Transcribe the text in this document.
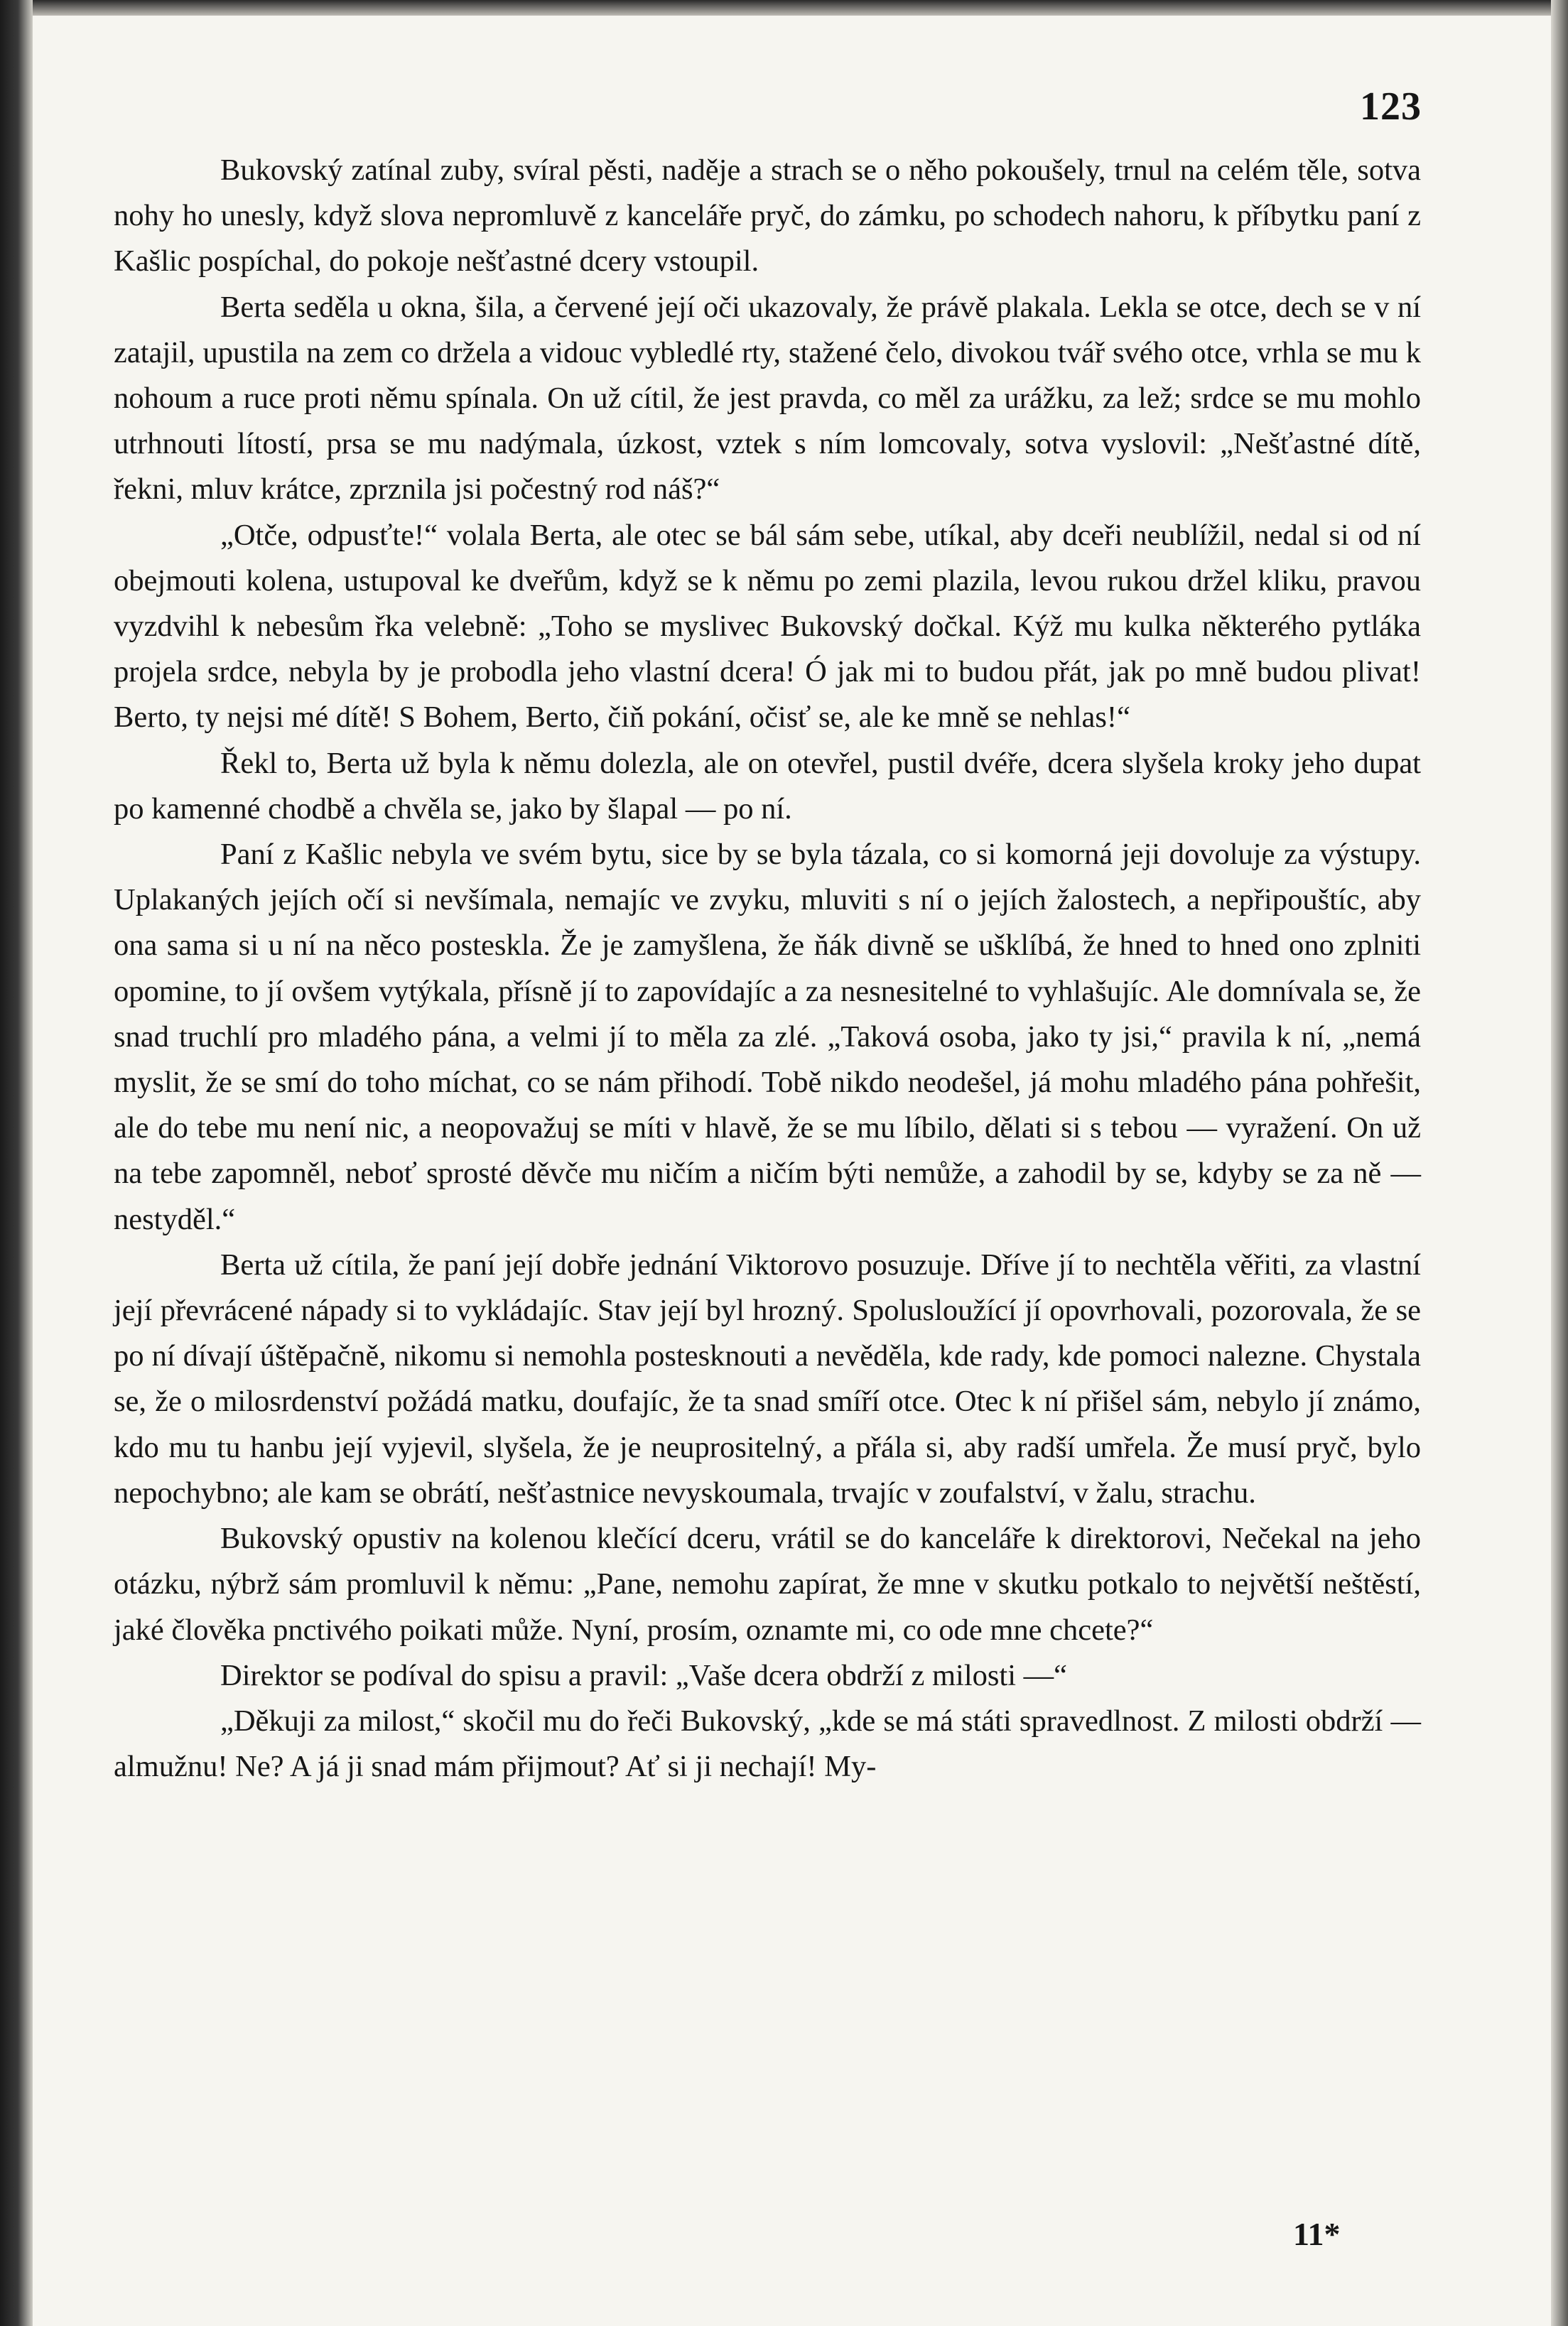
123

Bukovský zatínal zuby, svíral pěsti, naděje a strach se o něho pokoušely, trnul na celém těle, sotva nohy ho unesly, když slova nepromluvě z kanceláře pryč, do zámku, po schodech nahoru, k příbytku paní z Kašlic pospíchal, do pokoje nešťastné dcery vstoupil.

Berta seděla u okna, šila, a červené její oči ukazovaly, že právě plakala. Lekla se otce, dech se v ní zatajil, upustila na zem co držela a vidouc vybledlé rty, stažené čelo, divokou tvář svého otce, vrhla se mu k nohoum a ruce proti němu spínala. On už cítil, že jest pravda, co měl za urážku, za lež; srdce se mu mohlo utrhnouti lítostí, prsa se mu nadýmala, úzkost, vztek s ním lomcovaly, sotva vyslovil: „Nešťastné dítě, řekni, mluv krátce, zprznila jsi počestný rod náš?“

„Otče, odpusťte!“ volala Berta, ale otec se bál sám sebe, utíkal, aby dceři neublížil, nedal si od ní obejmouti kolena, ustupoval ke dveřům, když se k němu po zemi plazila, levou rukou držel kliku, pravou vyzdvihl k nebesům řka velebně: „Toho se myslivec Bukovský dočkal. Kýž mu kulka některého pytláka projela srdce, nebyla by je probodla jeho vlastní dcera! Ó jak mi to budou přát, jak po mně budou plivat! Berto, ty nejsi mé dítě! S Bohem, Berto, čiň pokání, očisť se, ale ke mně se nehlas!“

Řekl to, Berta už byla k němu dolezla, ale on otevřel, pustil dvéře, dcera slyšela kroky jeho dupat po kamenné chodbě a chvěla se, jako by šlapal — po ní.

Paní z Kašlic nebyla ve svém bytu, sice by se byla tázala, co si komorná jeji dovoluje za výstupy. Uplakaných jejích očí si nevšímala, nemajíc ve zvyku, mluviti s ní o jejích žalostech, a nepřipouštíc, aby ona sama si u ní na něco posteskla. Že je zamyšlena, že ňák divně se ušklíbá, že hned to hned ono zplniti opomine, to jí ovšem vytýkala, přísně jí to zapovídajíc a za nesnesitelné to vyhlašujíc. Ale domnívala se, že snad truchlí pro mladého pána, a velmi jí to měla za zlé. „Taková osoba, jako ty jsi,“ pravila k ní, „nemá myslit, že se smí do toho míchat, co se nám přihodí. Tobě nikdo neodešel, já mohu mladého pána pohřešit, ale do tebe mu není nic, a neopovažuj se míti v hlavě, že se mu líbilo, dělati si s tebou — vyražení. On už na tebe zapomněl, neboť sprosté děvče mu ničím a ničím býti nemůže, a zahodil by se, kdyby se za ně — nestyděl.“

Berta už cítila, že paní její dobře jednání Viktorovo posuzuje. Dříve jí to nechtěla věřiti, za vlastní její převrácené nápady si to vykládajíc. Stav její byl hrozný. Spolusloužící jí opovrhovali, pozorovala, že se po ní dívají úštěpačně, nikomu si nemohla postesknouti a nevěděla, kde rady, kde pomoci nalezne. Chystala se, že o milosrdenství požádá matku, doufajíc, že ta snad smíří otce. Otec k ní přišel sám, nebylo jí známo, kdo mu tu hanbu její vyjevil, slyšela, že je neuprositelný, a přála si, aby radší umřela. Že musí pryč, bylo nepochybno; ale kam se obrátí, nešťastnice nevyskoumala, trvajíc v zoufalství, v žalu, strachu.

Bukovský opustiv na kolenou klečící dceru, vrátil se do kanceláře k direktorovi, Nečekal na jeho otázku, nýbrž sám promluvil k němu: „Pane, nemohu zapírat, že mne v skutku potkalo to největší neštěstí, jaké člověka pnctivého poikati může. Nyní, prosím, oznamte mi, co ode mne chcete?“

Direktor se podíval do spisu a pravil: „Vaše dcera obdrží z milosti —“

„Děkuji za milost,“ skočil mu do řeči Bukovský, „kde se má státi spravedlnost. Z milosti obdrží — almužnu! Ne? A já ji snad mám přijmout? Ať si ji nechají! My-

11*
